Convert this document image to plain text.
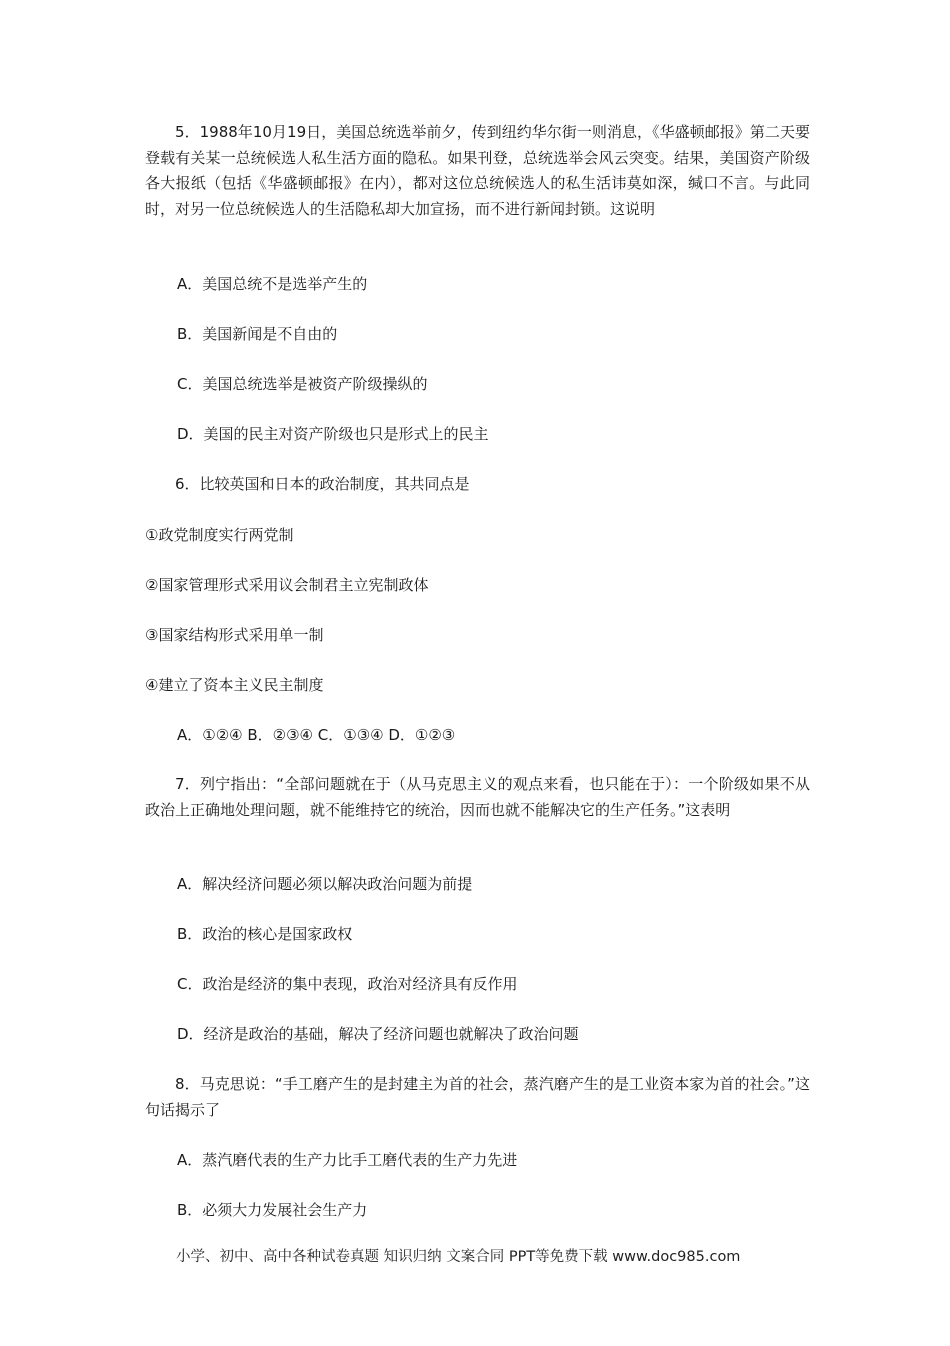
5．1988年10月19日，美国总统选举前夕，传到纽约华尔街一则消息，《华盛顿邮报》第二天要登载有关某一总统候选人私生活方面的隐私。如果刊登，总统选举会风云突变。结果，美国资产阶级各大报纸（包括《华盛顿邮报》在内），都对这位总统候选人的私生活讳莫如深，缄口不言。与此同时，对另一位总统候选人的生活隐私却大加宣扬，而不进行新闻封锁。这说明

A．美国总统不是选举产生的

B．美国新闻是不自由的

C．美国总统选举是被资产阶级操纵的

D．美国的民主对资产阶级也只是形式上的民主

6．比较英国和日本的政治制度，其共同点是

①政党制度实行两党制

②国家管理形式采用议会制君主立宪制政体

③国家结构形式采用单一制

④建立了资本主义民主制度

A．①②④ B．②③④ C．①③④ D．①②③

7．列宁指出：“全部问题就在于（从马克思主义的观点来看，也只能在于）：一个阶级如果不从政治上正确地处理问题，就不能维持它的统治，因而也就不能解决它的生产任务。”这表明

A．解决经济问题必须以解决政治问题为前提

B．政治的核心是国家政权

C．政治是经济的集中表现，政治对经济具有反作用

D．经济是政治的基础，解决了经济问题也就解决了政治问题

8．马克思说：“手工磨产生的是封建主为首的社会，蒸汽磨产生的是工业资本家为首的社会。”这句话揭示了

A．蒸汽磨代表的生产力比手工磨代表的生产力先进

B．必须大力发展社会生产力

小学、初中、高中各种试卷真题 知识归纳 文案合同 PPT等免费下载 www.doc985.com
